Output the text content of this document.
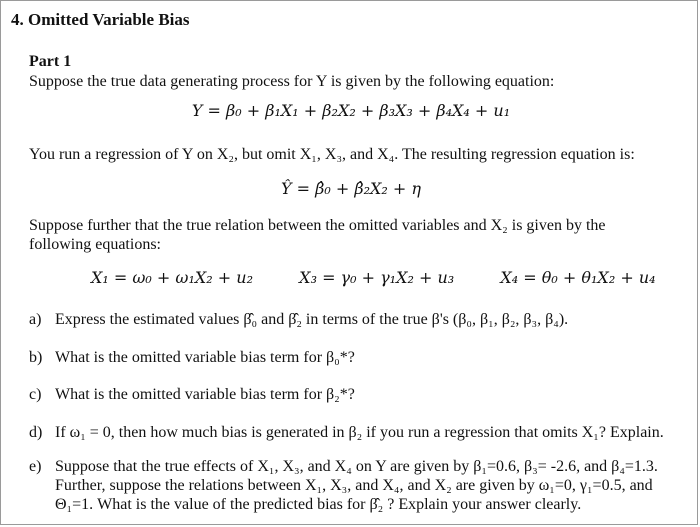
4. Omitted Variable Bias
Part 1
Suppose the true data generating process for Y is given by the following equation:
Y = β₀ + β₁X₁ + β₂X₂ + β₃X₃ + β₄X₄ + u₁
You run a regression of Y on X₂, but omit X₁, X₃, and X₄. The resulting regression equation is:
Ŷ = β̂₀ + β̂₂X₂ + η
Suppose further that the true relation between the omitted variables and X₂ is given by the following equations:
X₁ = ω₀ + ω₁X₂ + u₂	X₃ = γ₀ + γ₁X₂ + u₃	X₄ = θ₀ + θ₁X₂ + u₄
a) Express the estimated values β̂₀ and β̂₂ in terms of the true β's (β₀, β₁, β₂, β₃, β₄).
b) What is the omitted variable bias term for β₀*?
c) What is the omitted variable bias term for β₂*?
d) If ω₁ = 0, then how much bias is generated in β₂ if you run a regression that omits X₁? Explain.
e) Suppose that the true effects of X₁, X₃, and X₄ on Y are given by β₁=0.6, β₃= -2.6, and β₄=1.3. Further, suppose the relations between X₁, X₃, and X₄, and X₂ are given by ω₁=0, γ₁=0.5, and Θ₁=1. What is the value of the predicted bias for β̂₂ ? Explain your answer clearly.
